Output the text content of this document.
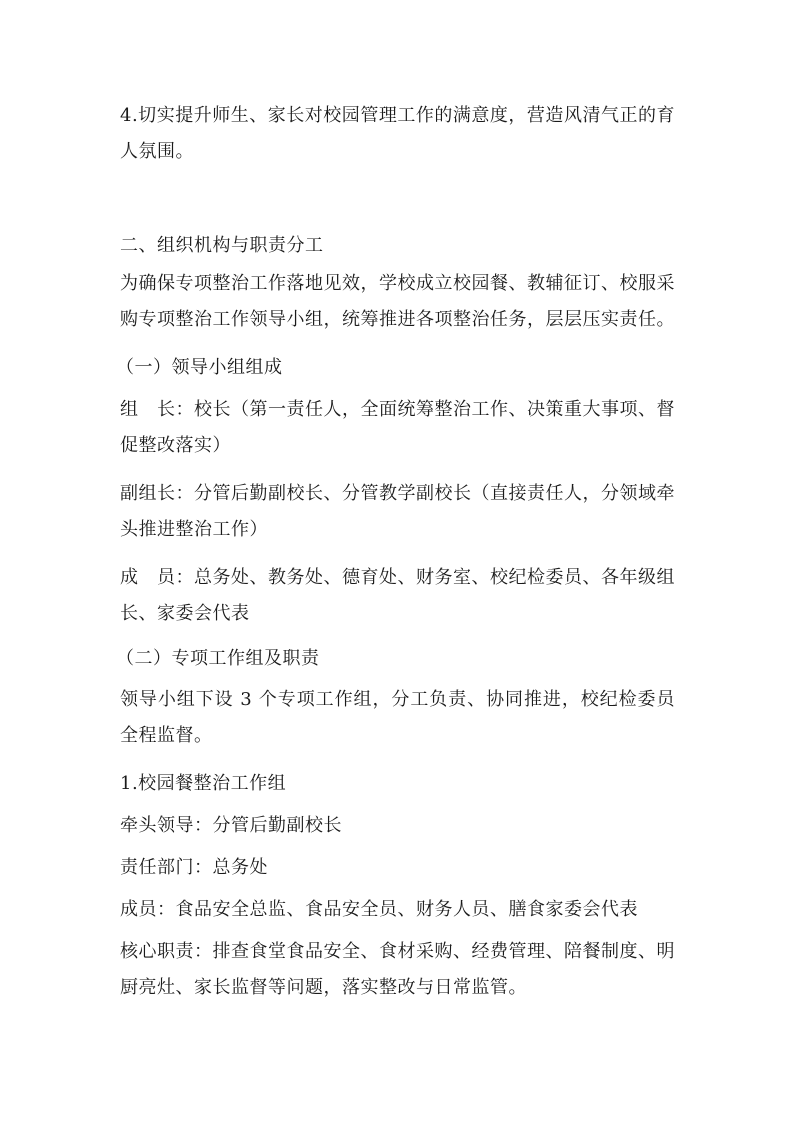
4.切实提升师生、家长对校园管理工作的满意度，营造风清气正的育人氛围。

二、组织机构与职责分工

为确保专项整治工作落地见效，学校成立校园餐、教辅征订、校服采购专项整治工作领导小组，统筹推进各项整治任务，层层压实责任。

（一）领导小组组成

组　长：校长（第一责任人，全面统筹整治工作、决策重大事项、督促整改落实）

副组长：分管后勤副校长、分管教学副校长（直接责任人，分领域牵头推进整治工作）

成　员：总务处、教务处、德育处、财务室、校纪检委员、各年级组长、家委会代表

（二）专项工作组及职责

领导小组下设 3 个专项工作组，分工负责、协同推进，校纪检委员全程监督。

1.校园餐整治工作组

牵头领导：分管后勤副校长

责任部门：总务处

成员：食品安全总监、食品安全员、财务人员、膳食家委会代表

核心职责：排查食堂食品安全、食材采购、经费管理、陪餐制度、明厨亮灶、家长监督等问题，落实整改与日常监管。
